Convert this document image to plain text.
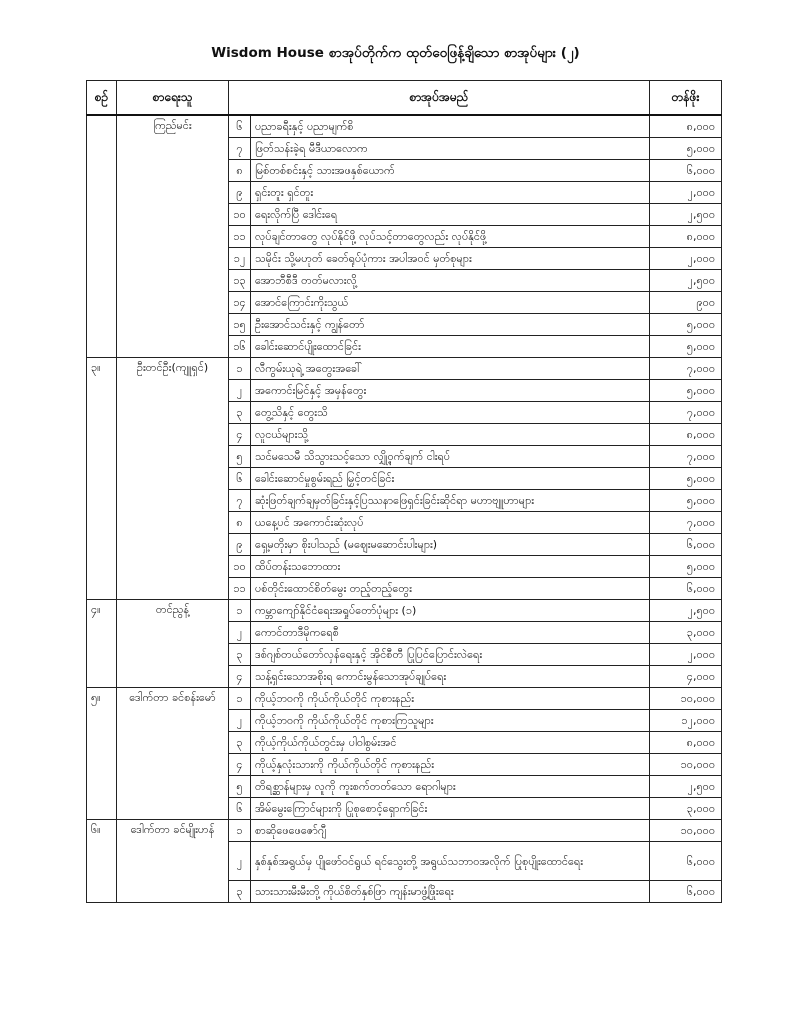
Wisdom House စာအုပ်တိုက်က ထုတ်ဝေဖြန့်ချိသော စာအုပ်များ (၂)
စဉ်	စာရေးသူ	စာအုပ်အမည်		တန်ဖိုး
	ကြည်မင်း	၆	ပညာခရီးနှင့် ပညာမျက်စိ	၈,၀၀၀
		၇	ဖြတ်သန်းခဲ့ရ မီဒီယာလောက	၅,၀၀၀
		၈	မြစ်တစ်စင်းနှင့် သားအဖနှစ်ယောက်	၆,၀၀၀
		၉	ရှင်းတူး ရှင်တူး	၂,၀၀၀
		၁၀	ရေးလိုက်ပြီ ဒေါင်းရေ	၂,၅၀၀
		၁၁	လုပ်ချင်တာတွေ လုပ်နိုင်ဖို့ လုပ်သင့်တာတွေလည်း လုပ်နိုင်ဖို့	၈,၀၀၀
		၁၂	သမိုင်း သို့မဟုတ် ခေတ်ရုပ်ပုံကား အပါအဝင် မှတ်စုများ	၂,၀၀၀
		၁၃	အောဘီစီဒီ တတ်မလားလို့	၂,၅၀၀
		၁၄	အောင်ကြောင်းကိုးသွယ်	၉၀၀
		၁၅	ဦးအောင်သင်းနှင့် ကျွန်တော်	၅,၀၀၀
		၁၆	ခေါင်းဆောင်ပျိုးထောင်ခြင်း	၅,၀၀၀
၃။	ဦးတင်ဦး(ကျူရှင်)	၁	လီကွမ်းယုရဲ့ အတွေးအခေါ်	၇,၀၀၀
		၂	အကောင်းမြင်နှင့် အမှန်တွေး	၅,၀၀၀
		၃	တွေ့သိနှင့် တွေးသိ	၇,၀၀၀
		၄	လူငယ်များသို့	၈,၀၀၀
		၅	သင်မသေမီ သိသွားသင့်သော လျှို့ဝှက်ချက် ငါးရပ်	၇,၀၀၀
		၆	ခေါင်းဆောင်မှုစွမ်းရည် မြှင့်တင်ခြင်း	၅,၀၀၀
		၇	ဆုံးဖြတ်ချက်ချမှတ်ခြင်းနှင့်ပြဿနာဖြေရှင်းခြင်းဆိုင်ရာ မဟာဗျူဟာများ	၅,၀၀၀
		၈	ယနေ့ပင် အကောင်းဆုံးလုပ်	၇,၀၀၀
		၉	ရှေ့မတိုးမှာ စိုးပါသည် (မဈေးမဆောင်းပါးများ)	၆,၀၀၀
		၁၀	ထိပ်တန်းသဘောထား	၅,၀၀၀
		၁၁	ပစ်တိုင်းထောင်စိတ်မွေး တည့်တည့်တွေး	၆,၀၀၀
၄။	တင်ညွန့်	၁	ကမ္ဘာကျော်နိုင်ငံရေးအရှုပ်တော်ပုံများ (၁)	၂,၅၀၀
		၂	ကောင်တာဒီမိုကရေစီ	၃,၀၀၀
		၃	ဒစ်ဂျစ်တယ်တော်လှန်ရေးနှင့် အိုင်စီတီ ပြုပြင်ပြောင်းလဲရေး	၂,၀၀၀
		၄	သန့်ရှင်းသောအစိုးရ ကောင်းမွန်သောအုပ်ချုပ်ရေး	၄,၀၀၀
၅။	ဒေါက်တာ ခင်စန်းမော်	၁	ကိုယ့်ဘဝကို ကိုယ်ကိုယ်တိုင် ကုစားနည်း	၁၀,၀၀၀
		၂	ကိုယ့်ဘဝကို ကိုယ်ကိုယ်တိုင် ကုစားကြသူများ	၁၂,၀၀၀
		၃	ကိုယ့်ကိုယ်ကိုယ်တွင်းမှ ပါဝါစွမ်းအင်	၈,၀၀၀
		၄	ကိုယ့်နှလုံးသားကို ကိုယ်ကိုယ်တိုင် ကုစားနည်း	၁၀,၀၀၀
		၅	တိရစ္ဆာန်များမှ လူကို ကူးစက်တတ်သော ရောဂါများ	၂,၅၀၀
		၆	အိမ်မွေးကြောင်များကို ပြုစုစောင့်ရှောက်ခြင်း	၃,၀၀၀
၆။	ဒေါက်တာ ခင်မျိုးဟန်	၁	စာဆိုဖေဖေဇော်ဂျီ	၁၀,၀၀၀
		၂	နှစ်နှစ်အရွယ်မှ ပျိုဖော်ဝင်ရွယ် ရင်သွေးတို့ အရွယ်သဘာဝအလိုက် ပြုစုပျိုးထောင်ရေး	၆,၀၀၀
		၃	သားသားမီးမီးတို့ ကိုယ်စိတ်နှစ်ဖြာ ကျန်းမာဖွံ့ဖြိုးရေး	၆,၀၀၀
